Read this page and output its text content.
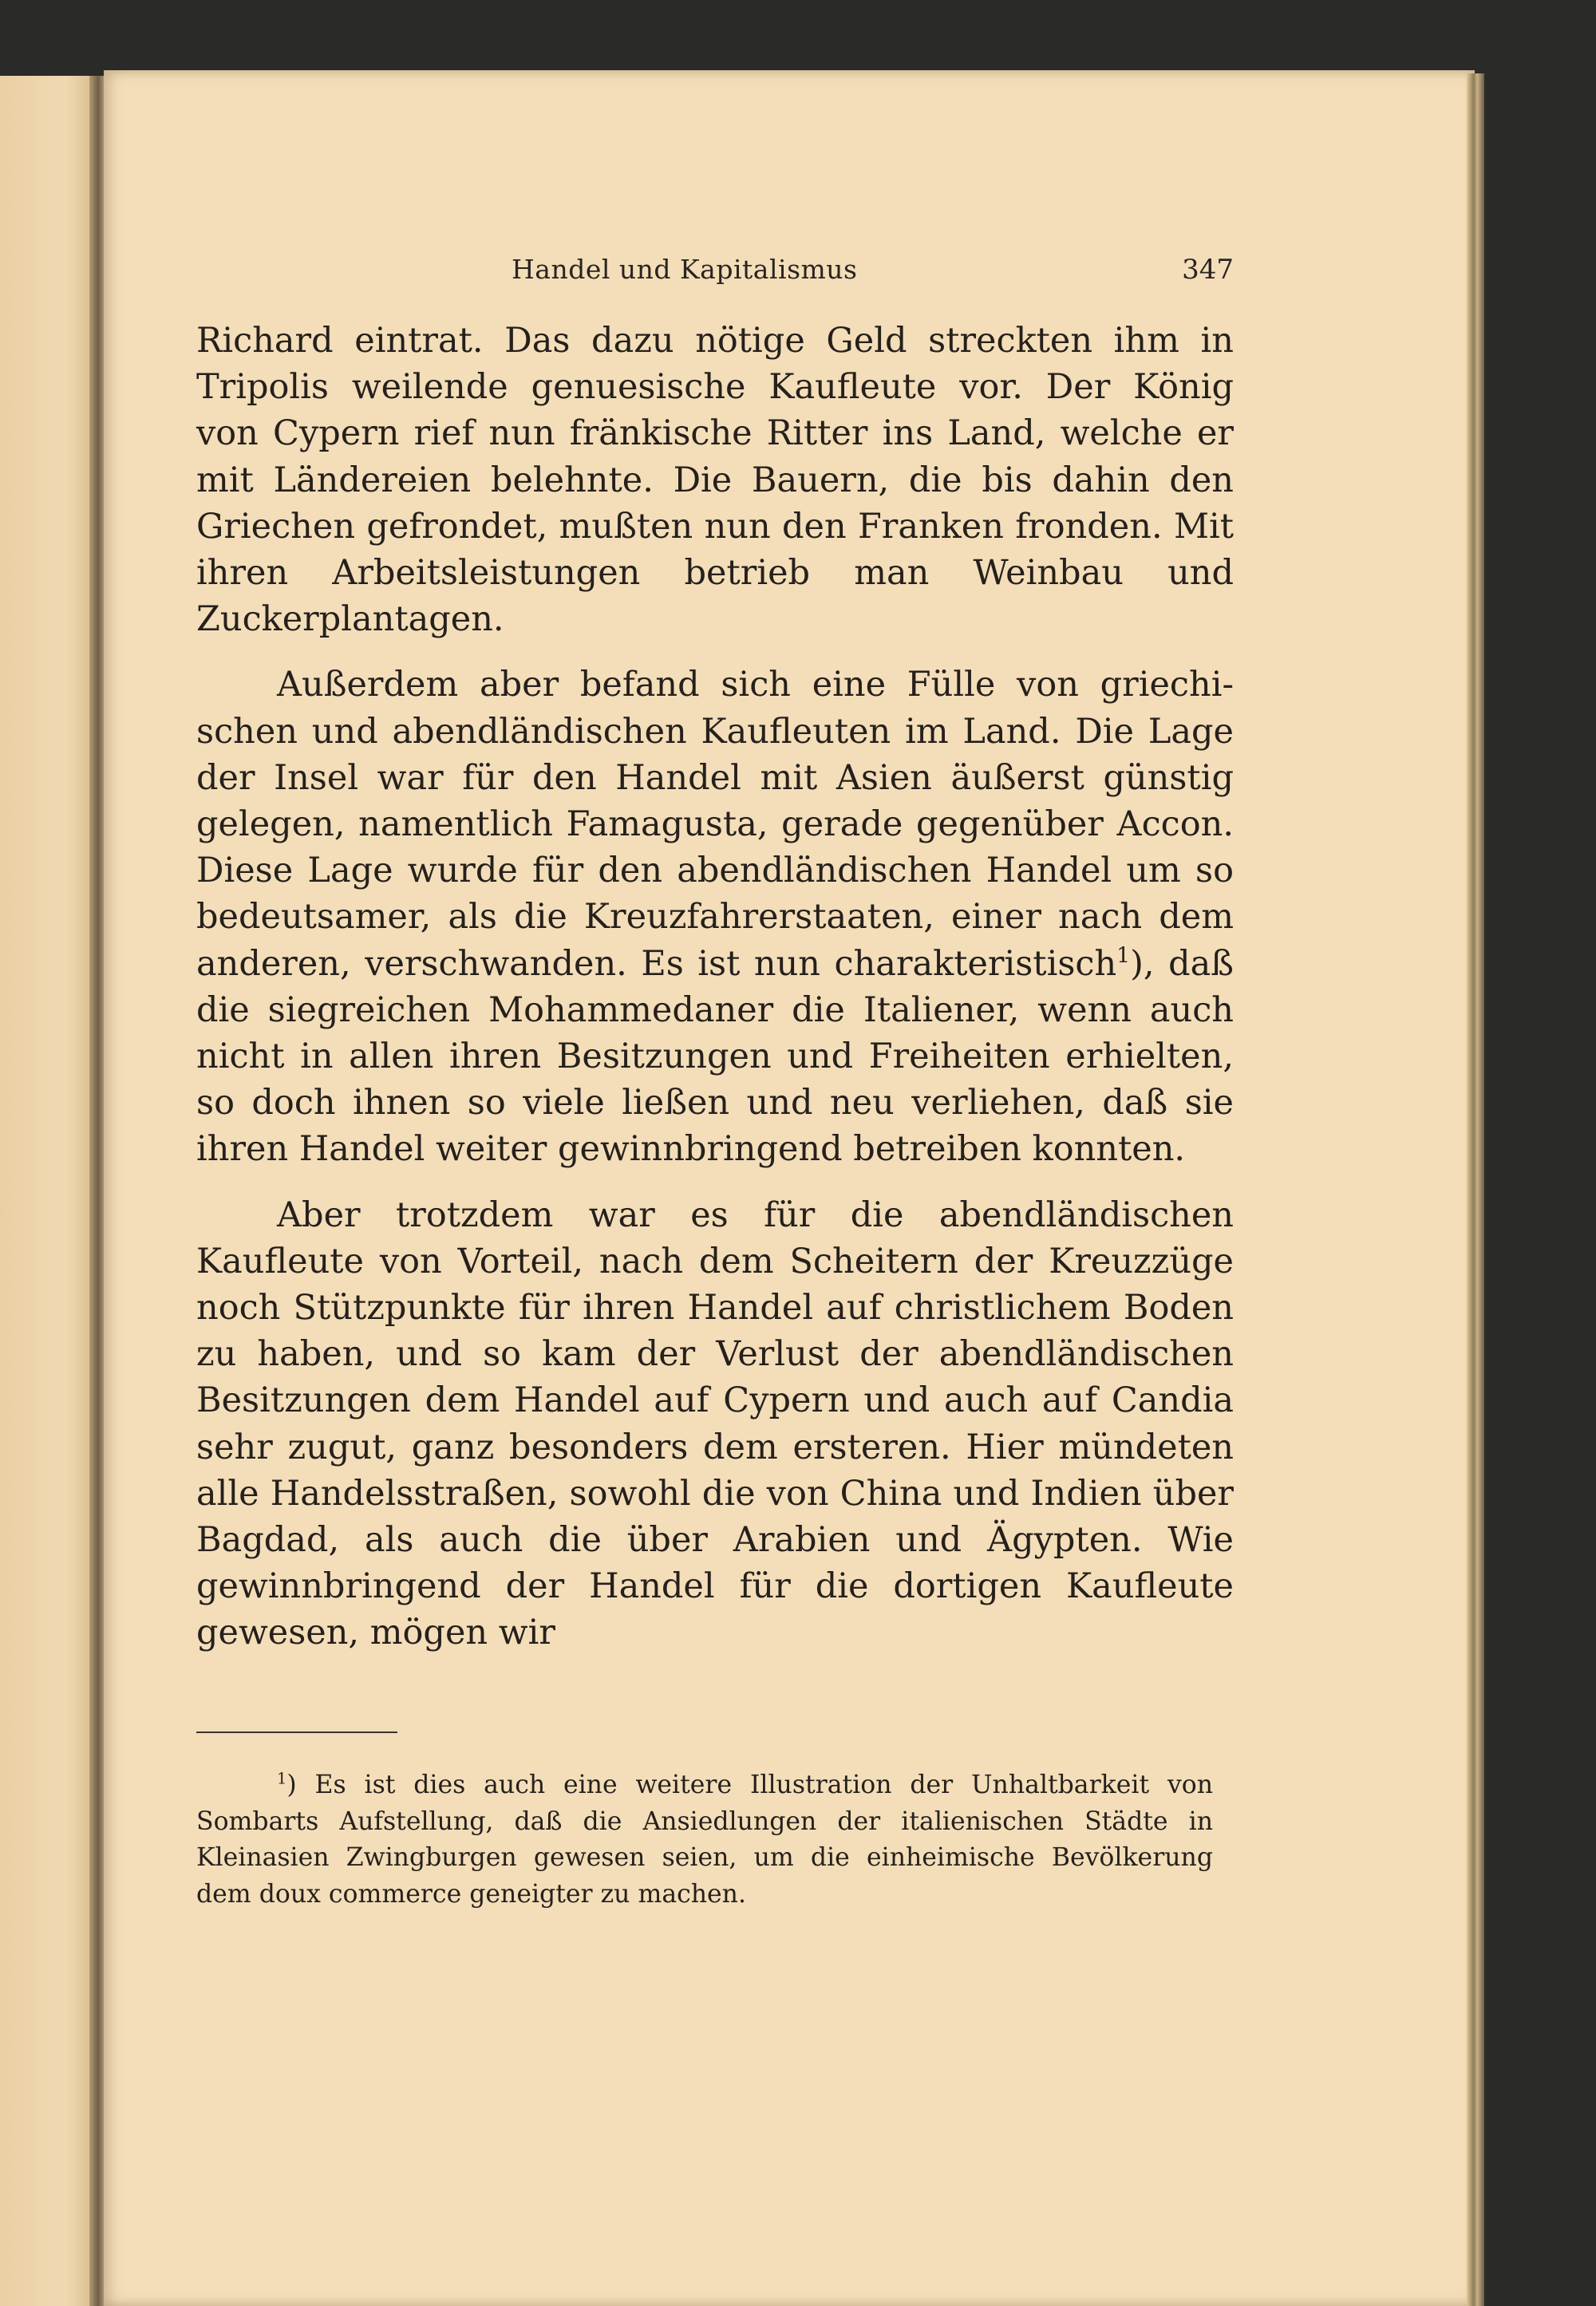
Handel und Kapitalismus	347

Richard eintrat. Das dazu nötige Geld streckten ihm in Tripolis weilende genuesische Kaufleute vor. Der König von Cypern rief nun fränkische Ritter ins Land, welche er mit Ländereien belehnte. Die Bauern, die bis dahin den Griechen gefrondet, mußten nun den Franken fronden. Mit ihren Arbeitsleistungen betrieb man Weinbau und Zuckerplantagen.

Außerdem aber befand sich eine Fülle von griechischen und abendländischen Kaufleuten im Land. Die Lage der Insel war für den Handel mit Asien äußerst günstig gelegen, namentlich Famagusta, gerade gegenüber Accon. Diese Lage wurde für den abendländischen Handel um so bedeutsamer, als die Kreuzfahrerstaaten, einer nach dem anderen, verschwanden. Es ist nun charakteristisch$^1$), daß die siegreichen Mohammedaner die Italiener, wenn auch nicht in allen ihren Besitzungen und Freiheiten erhielten, so doch ihnen so viele ließen und neu verliehen, daß sie ihren Handel weiter gewinnbringend betreiben konnten.

Aber trotzdem war es für die abendländischen Kaufleute von Vorteil, nach dem Scheitern der Kreuzzüge noch Stützpunkte für ihren Handel auf christlichem Boden zu haben, und so kam der Verlust der abendländischen Besitzungen dem Handel auf Cypern und auch auf Candia sehr zugut, ganz besonders dem ersteren. Hier mündeten alle Handelsstraßen, sowohl die von China und Indien über Bagdad, als auch die über Arabien und Ägypten. Wie gewinnbringend der Handel für die dortigen Kaufleute gewesen, mögen wir

$^1$) Es ist dies auch eine weitere Illustration der Unhaltbarkeit von Sombarts Aufstellung, daß die Ansiedlungen der italienischen Städte in Kleinasien Zwingburgen gewesen seien, um die einheimische Bevölkerung dem doux commerce geneigter zu machen.
